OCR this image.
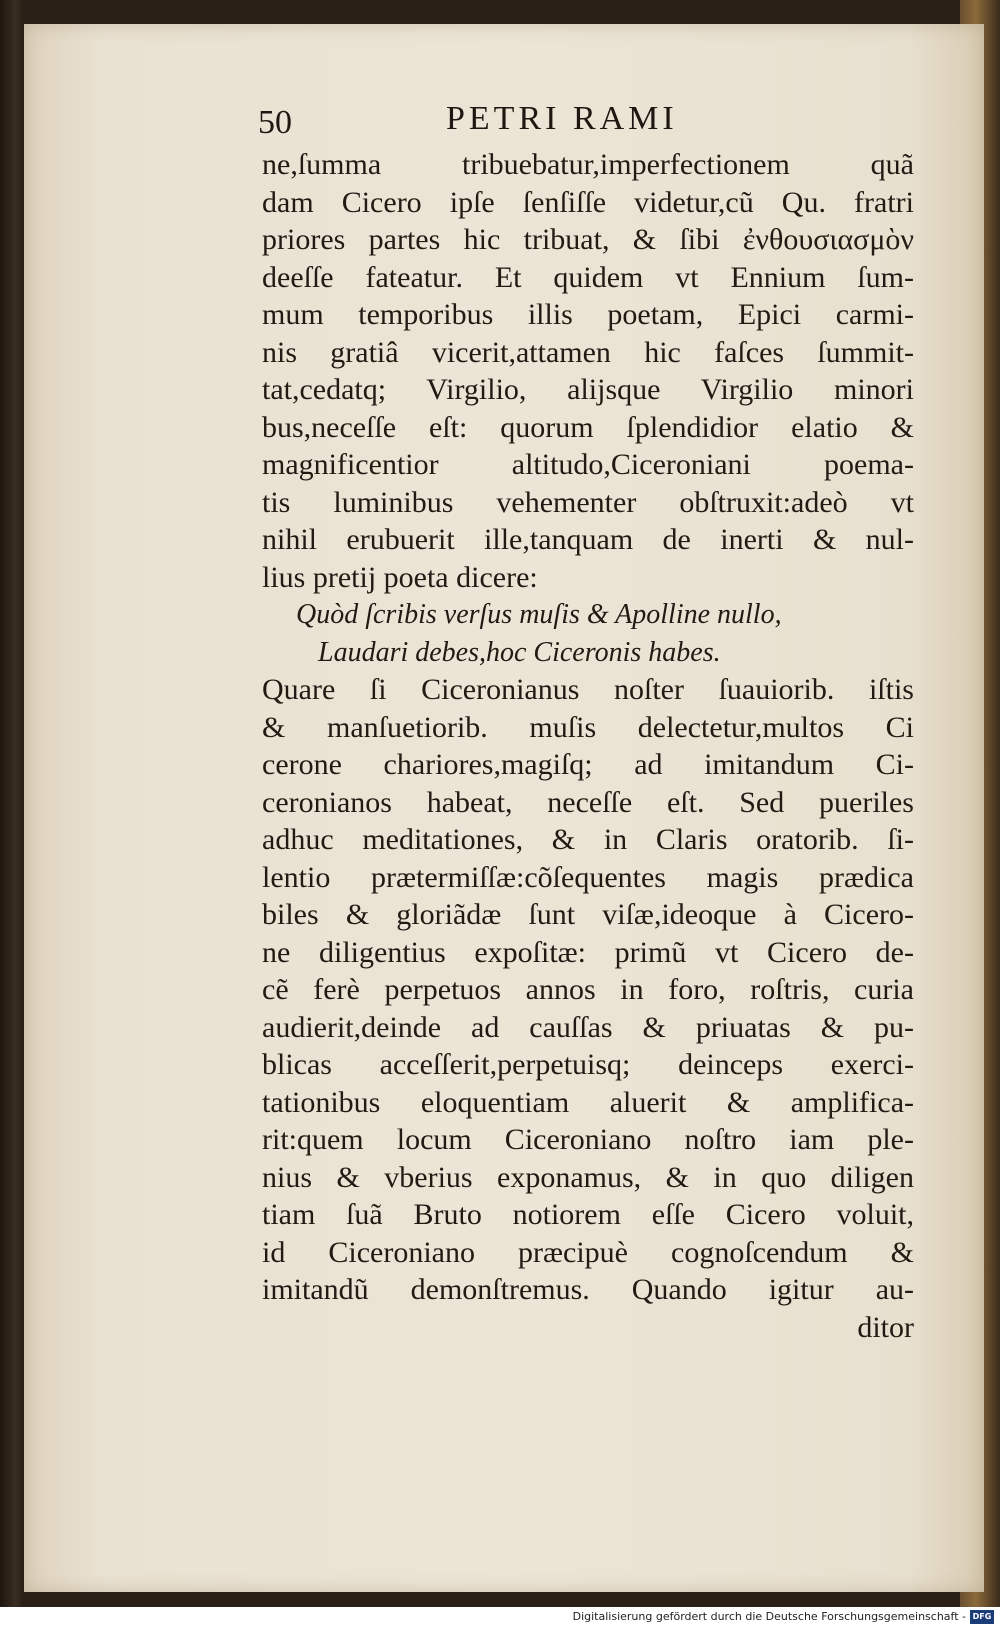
50	PETRI RAMI
ne,ſumma tribuebatur,imperfectionem quã
dam Cicero ipſe ſenſiſſe videtur,cũ Qu. fratri
priores partes hic tribuat, & ſibi ἐνθουσιασμὸν
deeſſe fateatur. Et quidem vt Ennium ſum-
mum temporibus illis poetam, Epici carmi-
nis gratiâ vicerit,attamen hic faſces ſummit-
tat,cedatq; Virgilio, alijsque Virgilio minori
bus,neceſſe eſt: quorum ſplendidior elatio &
magnificentior altitudo,Ciceroniani poema-
tis luminibus vehementer obſtruxit:adeò vt
nihil erubuerit ille,tanquam de inerti & nul-
lius pretij poeta dicere:
Quòd ſcribis verſus muſis & Apolline nullo,
Laudari debes,hoc Ciceronis habes.
Quare ſi Ciceronianus noſter ſuauiorib. iſtis
& manſuetiorib. muſis delectetur,multos Ci
cerone chariores,magiſq; ad imitandum Ci-
ceronianos habeat, neceſſe eſt. Sed pueriles
adhuc meditationes, & in Claris oratorib. ſi-
lentio prætermiſſæ:cõſequentes magis prædica
biles & gloriãdæ ſunt viſæ,ideoque à Cicero-
ne diligentius expoſitæ: primũ vt Cicero de-
cẽ ferè perpetuos annos in foro, roſtris, curia
audierit,deinde ad cauſſas & priuatas & pu-
blicas acceſſerit,perpetuisq; deinceps exerci-
tationibus eloquentiam aluerit & amplifica-
rit:quem locum Ciceroniano noſtro iam ple-
nius & vberius exponamus, & in quo diligen
tiam ſuã Bruto notiorem eſſe Cicero voluit,
id Ciceroniano præcipuè cognoſcendum &
imitandũ demonſtremus. Quando igitur au-
ditor
Digitalisierung gefördert durch die Deutsche Forschungsgemeinschaft - DFG
